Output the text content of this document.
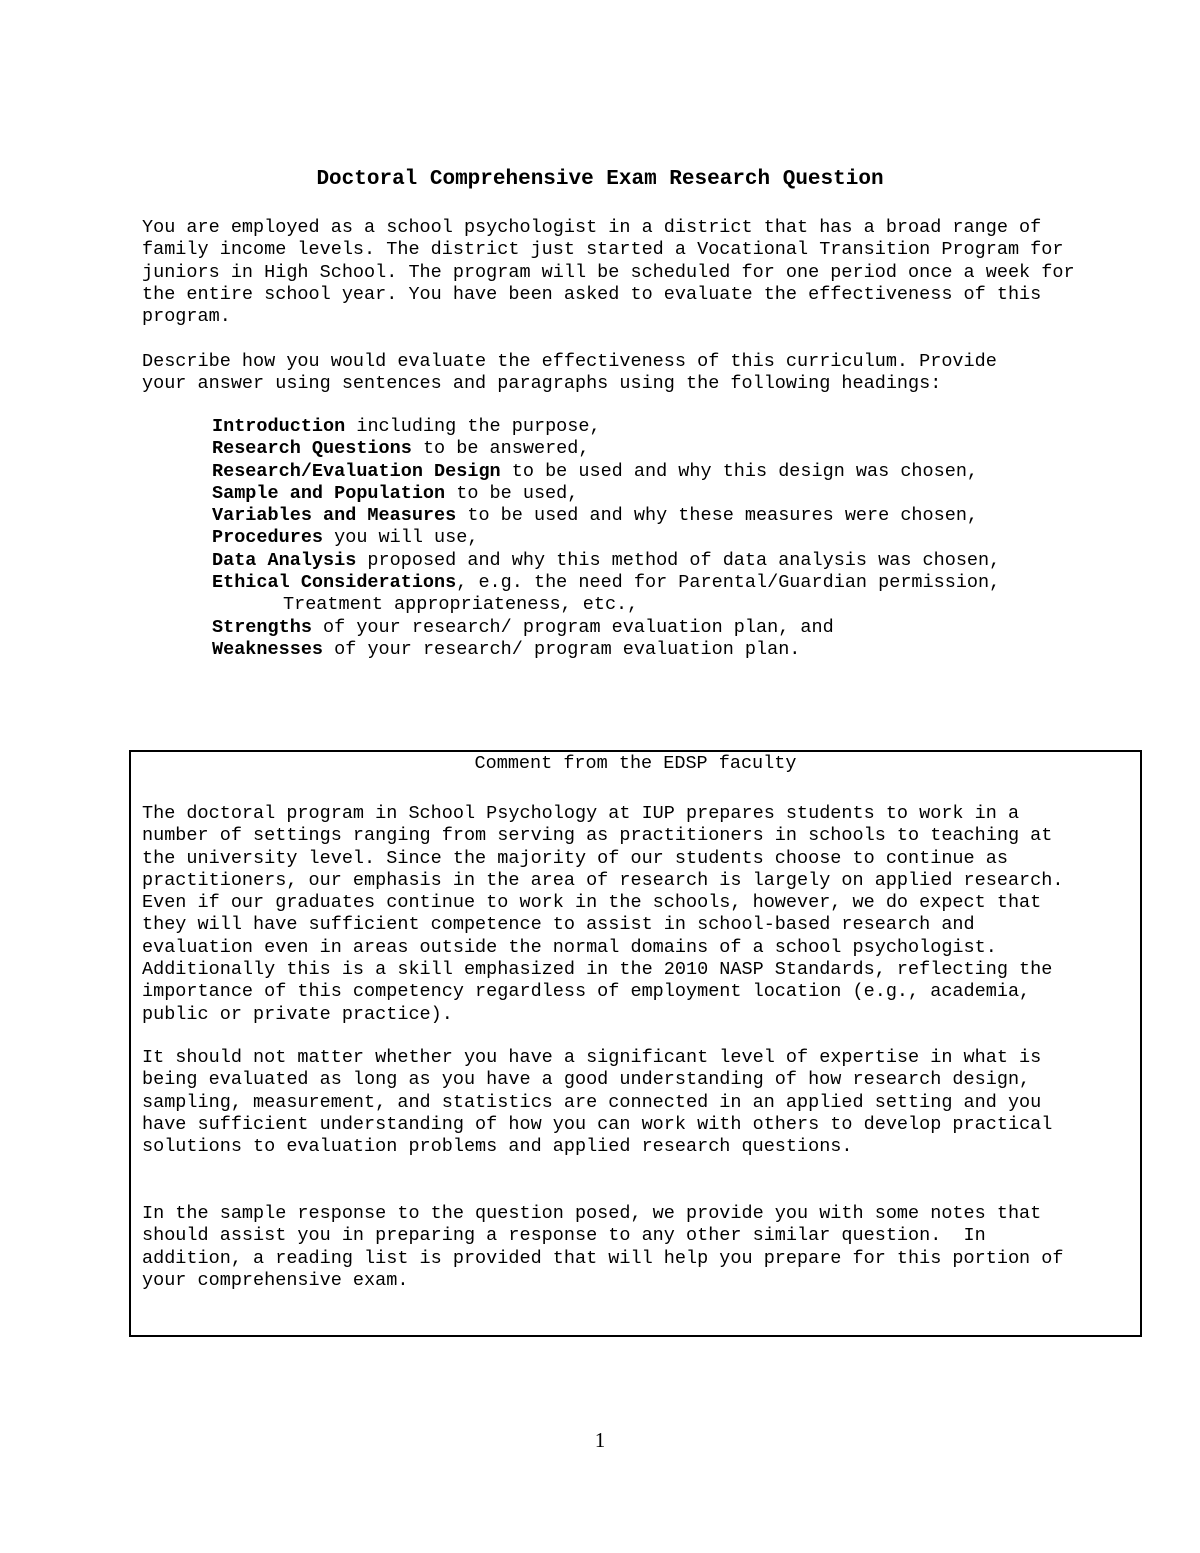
Doctoral Comprehensive Exam Research Question
You are employed as a school psychologist in a district that has a broad range of
family income levels. The district just started a Vocational Transition Program for
juniors in High School. The program will be scheduled for one period once a week for
the entire school year. You have been asked to evaluate the effectiveness of this
program.
Describe how you would evaluate the effectiveness of this curriculum. Provide
your answer using sentences and paragraphs using the following headings:
Introduction including the purpose,
Research Questions to be answered,
Research/Evaluation Design to be used and why this design was chosen,
Sample and Population to be used,
Variables and Measures to be used and why these measures were chosen,
Procedures you will use,
Data Analysis proposed and why this method of data analysis was chosen,
Ethical Considerations, e.g. the need for Parental/Guardian permission,
Treatment appropriateness, etc.,
Strengths of your research/ program evaluation plan, and
Weaknesses of your research/ program evaluation plan.
Comment from the EDSP faculty
The doctoral program in School Psychology at IUP prepares students to work in a
number of settings ranging from serving as practitioners in schools to teaching at
the university level. Since the majority of our students choose to continue as
practitioners, our emphasis in the area of research is largely on applied research.
Even if our graduates continue to work in the schools, however, we do expect that
they will have sufficient competence to assist in school-based research and
evaluation even in areas outside the normal domains of a school psychologist.
Additionally this is a skill emphasized in the 2010 NASP Standards, reflecting the
importance of this competency regardless of employment location (e.g., academia,
public or private practice).
It should not matter whether you have a significant level of expertise in what is
being evaluated as long as you have a good understanding of how research design,
sampling, measurement, and statistics are connected in an applied setting and you
have sufficient understanding of how you can work with others to develop practical
solutions to evaluation problems and applied research questions.
In the sample response to the question posed, we provide you with some notes that
should assist you in preparing a response to any other similar question.  In
addition, a reading list is provided that will help you prepare for this portion of
your comprehensive exam.
1
